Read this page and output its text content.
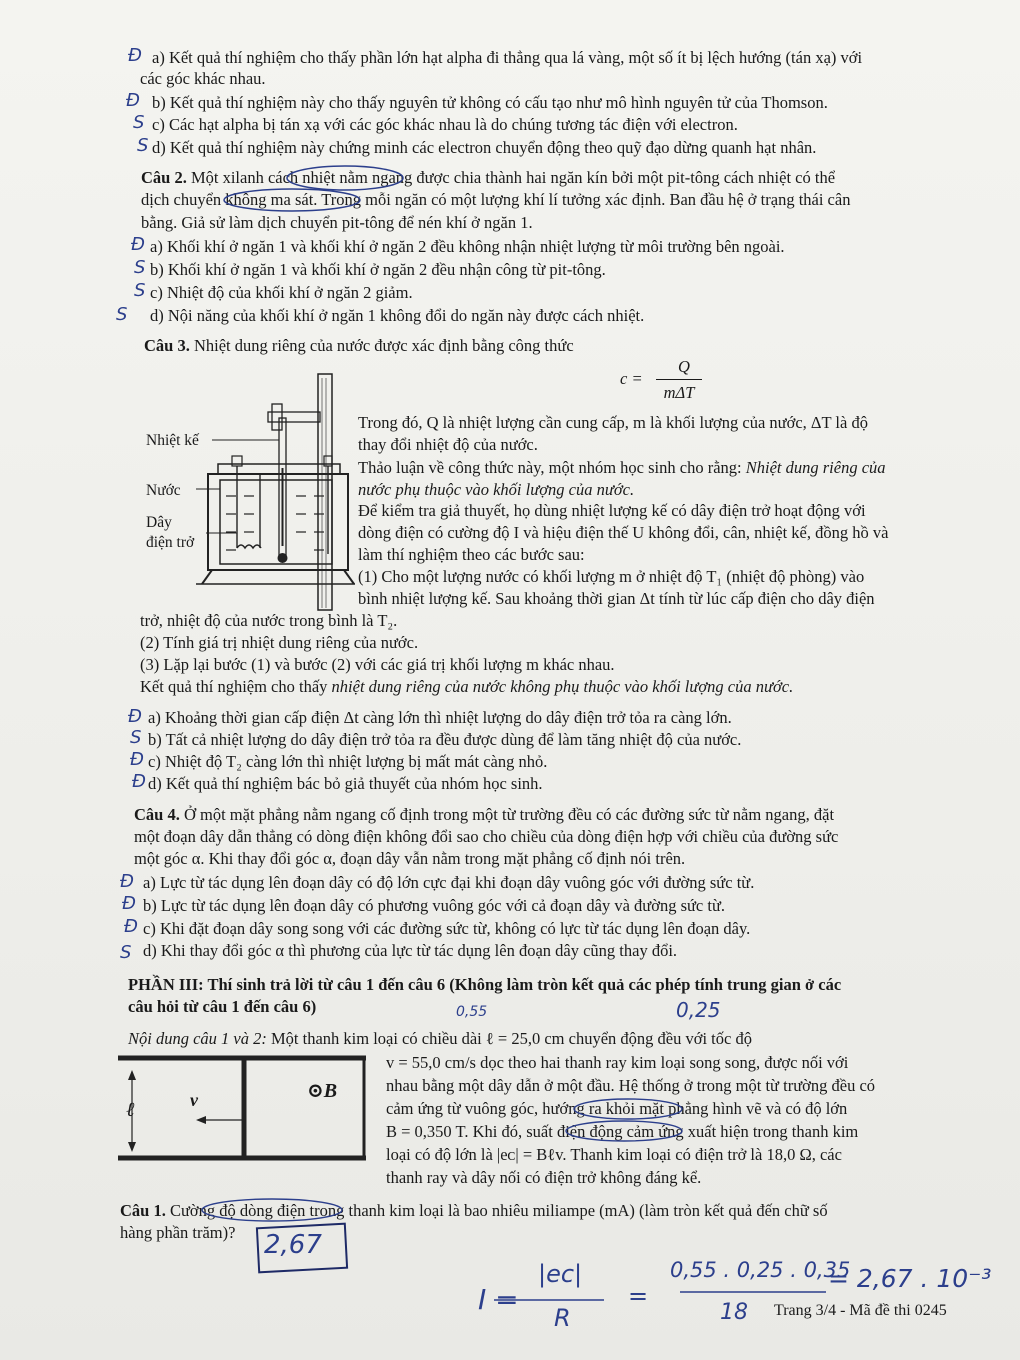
a) Kết quả thí nghiệm cho thấy phần lớn hạt alpha đi thẳng qua lá vàng, một số ít bị lệch hướng (tán xạ) với
các góc khác nhau.
b) Kết quả thí nghiệm này cho thấy nguyên tử không có cấu tạo như mô hình nguyên tử của Thomson.
c) Các hạt alpha bị tán xạ với các góc khác nhau là do chúng tương tác điện với electron.
d) Kết quả thí nghiệm này chứng minh các electron chuyển động theo quỹ đạo dừng quanh hạt nhân.
Câu 2. Một xilanh cách nhiệt nằm ngang được chia thành hai ngăn kín bởi một pit-tông cách nhiệt có thể
dịch chuyển không ma sát. Trong mỗi ngăn có một lượng khí lí tưởng xác định. Ban đầu hệ ở trạng thái cân
bằng. Giả sử làm dịch chuyển pit-tông để nén khí ở ngăn 1.
a) Khối khí ở ngăn 1 và khối khí ở ngăn 2 đều không nhận nhiệt lượng từ môi trường bên ngoài.
b) Khối khí ở ngăn 1 và khối khí ở ngăn 2 đều nhận công từ pit-tông.
c) Nhiệt độ của khối khí ở ngăn 2 giảm.
d) Nội năng của khối khí ở ngăn 1 không đổi do ngăn này được cách nhiệt.
Câu 3. Nhiệt dung riêng của nước được xác định bằng công thức
c =
Q
mΔT
Nhiệt kế
Nước
Dây
điện trở
Trong đó, Q là nhiệt lượng cần cung cấp, m là khối lượng của nước, ΔT là độ
thay đổi nhiệt độ của nước.
Thảo luận về công thức này, một nhóm học sinh cho rằng: Nhiệt dung riêng của
nước phụ thuộc vào khối lượng của nước.
Để kiểm tra giả thuyết, họ dùng nhiệt lượng kế có dây điện trở hoạt động với
dòng điện có cường độ I và hiệu điện thế U không đổi, cân, nhiệt kế, đồng hồ và
làm thí nghiệm theo các bước sau:
(1) Cho một lượng nước có khối lượng m ở nhiệt độ T₁ (nhiệt độ phòng) vào
bình nhiệt lượng kế. Sau khoảng thời gian Δt tính từ lúc cấp điện cho dây điện
trở, nhiệt độ của nước trong bình là T₂.
(2) Tính giá trị nhiệt dung riêng của nước.
(3) Lặp lại bước (1) và bước (2) với các giá trị khối lượng m khác nhau.
Kết quả thí nghiệm cho thấy nhiệt dung riêng của nước không phụ thuộc vào khối lượng của nước.
a) Khoảng thời gian cấp điện Δt càng lớn thì nhiệt lượng do dây điện trở tỏa ra càng lớn.
b) Tất cả nhiệt lượng do dây điện trở tỏa ra đều được dùng để làm tăng nhiệt độ của nước.
c) Nhiệt độ T₂ càng lớn thì nhiệt lượng bị mất mát càng nhỏ.
d) Kết quả thí nghiệm bác bỏ giả thuyết của nhóm học sinh.
Câu 4. Ở một mặt phẳng nằm ngang cố định trong một từ trường đều có các đường sức từ nằm ngang, đặt
một đoạn dây dẫn thẳng có dòng điện không đổi sao cho chiều của dòng điện hợp với chiều của đường sức
một góc α. Khi thay đổi góc α, đoạn dây vẫn nằm trong mặt phẳng cố định nói trên.
a) Lực từ tác dụng lên đoạn dây có độ lớn cực đại khi đoạn dây vuông góc với đường sức từ.
b) Lực từ tác dụng lên đoạn dây có phương vuông góc với cả đoạn dây và đường sức từ.
c) Khi đặt đoạn dây song song với các đường sức từ, không có lực từ tác dụng lên đoạn dây.
d) Khi thay đổi góc α thì phương của lực từ tác dụng lên đoạn dây cũng thay đổi.
PHẦN III: Thí sinh trả lời từ câu 1 đến câu 6 (Không làm tròn kết quả các phép tính trung gian ở các
câu hỏi từ câu 1 đến câu 6)
Nội dung câu 1 và 2: Một thanh kim loại có chiều dài ℓ = 25,0 cm chuyển động đều với tốc độ
v = 55,0 cm/s dọc theo hai thanh ray kim loại song song, được nối với
nhau bằng một dây dẫn ở một đầu. Hệ thống ở trong một từ trường đều có
cảm ứng từ vuông góc, hướng ra khỏi mặt phẳng hình vẽ và có độ lớn
B = 0,350 T. Khi đó, suất điện động cảm ứng xuất hiện trong thanh kim
loại có độ lớn là |eᴄ| = Bℓv. Thanh kim loại có điện trở là 18,0 Ω, các
thanh ray và dây nối có điện trở không đáng kể.
ℓ	v⃗	⊙B⃗
Câu 1. Cường độ dòng điện trong thanh kim loại là bao nhiêu miliampe (mA) (làm tròn kết quả đến chữ số
hàng phần trăm)?
Đ
Đ
S
S
Đ
S
S
S
Đ
S
Đ
Đ
Đ
Đ
Đ
S
0,55	0,25
2,67
I =
|ec|
R
=
0,55 . 0,25 . 0,35
18
= 2,67 . 10⁻³
Trang 3/4 - Mã đề thi 0245
